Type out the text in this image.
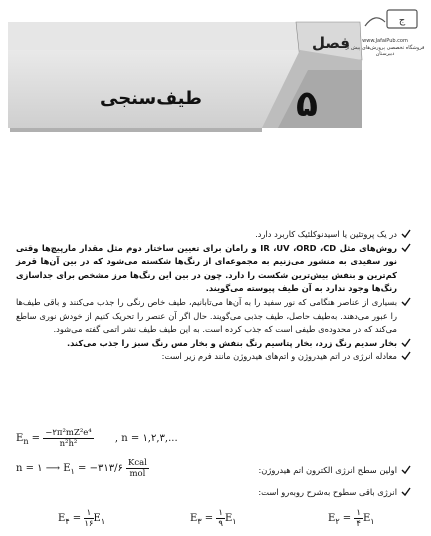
فصل
۵
طیف‌سنجی
ج
www.JafaiPub.com
فروشگاه تخصصی پرورش‌های پیش از دبیرستان

در یک پروتئین یا اسیدنوکلئیک کاربرد دارد.

روش‌های مثل IR ،UV ،ORD ،CD و رامان برای تعیین ساختار دوم مثل مقدار مارپیچ‌ها وقتی نور سفیدی به منشور می‌زنیم به مجموعه‌ای از رنگ‌ها شکسته می‌شود که در بین آن‌ها قرمز کم‌ترین و بنفش بیش‌ترین شکست را دارد. چون در بین این رنگ‌ها مرز مشخص برای جداسازی رنگ‌ها وجود ندارد به آن طیف پیوسته می‌گویند.

بسیاری از عناصر هنگامی که نور سفید را به آن‌ها می‌تابانیم، طیف خاص رنگی را جذب می‌کنند و باقی طیف‌ها را عبور می‌دهند. به‌طیف حاصل، طیف جذبی می‌گویند. حال اگر آن عنصر را تحریک کنیم از خودش نوری ساطع می‌کند که در محدوده‌ی طیفی است که جذب کرده است. به این طیف طیف نشر اتمی گفته می‌شود.

بخار سدیم رنگ زرد، بخار پتاسیم رنگ بنفش و بخار مس رنگ سبز را جذب می‌کند.

معادله انرژی در اتم هیدروژن و اتم‌های هیدروژن مانند فرم زیر است:

$E_n = \frac{\text{−۲π²mZ²e⁴}}{\text{n²h²}}$ , n = ۱,۲,۳,...

اولین سطح انرژی الکترون اتم هیدروژن:

n = ۱ ⟶ $E_۱$ = −۳۱۳/۶ $\frac{\text{Kcal}}{\text{mol}}$

انرژی باقی سطوح به‌شرح روبه‌رو است:

$E_۲ = \frac{۱}{۴} E_۱$
$E_۳ = \frac{۱}{۹} E_۱$
$E_۴ = \frac{۱}{۱۶} E_۱$
